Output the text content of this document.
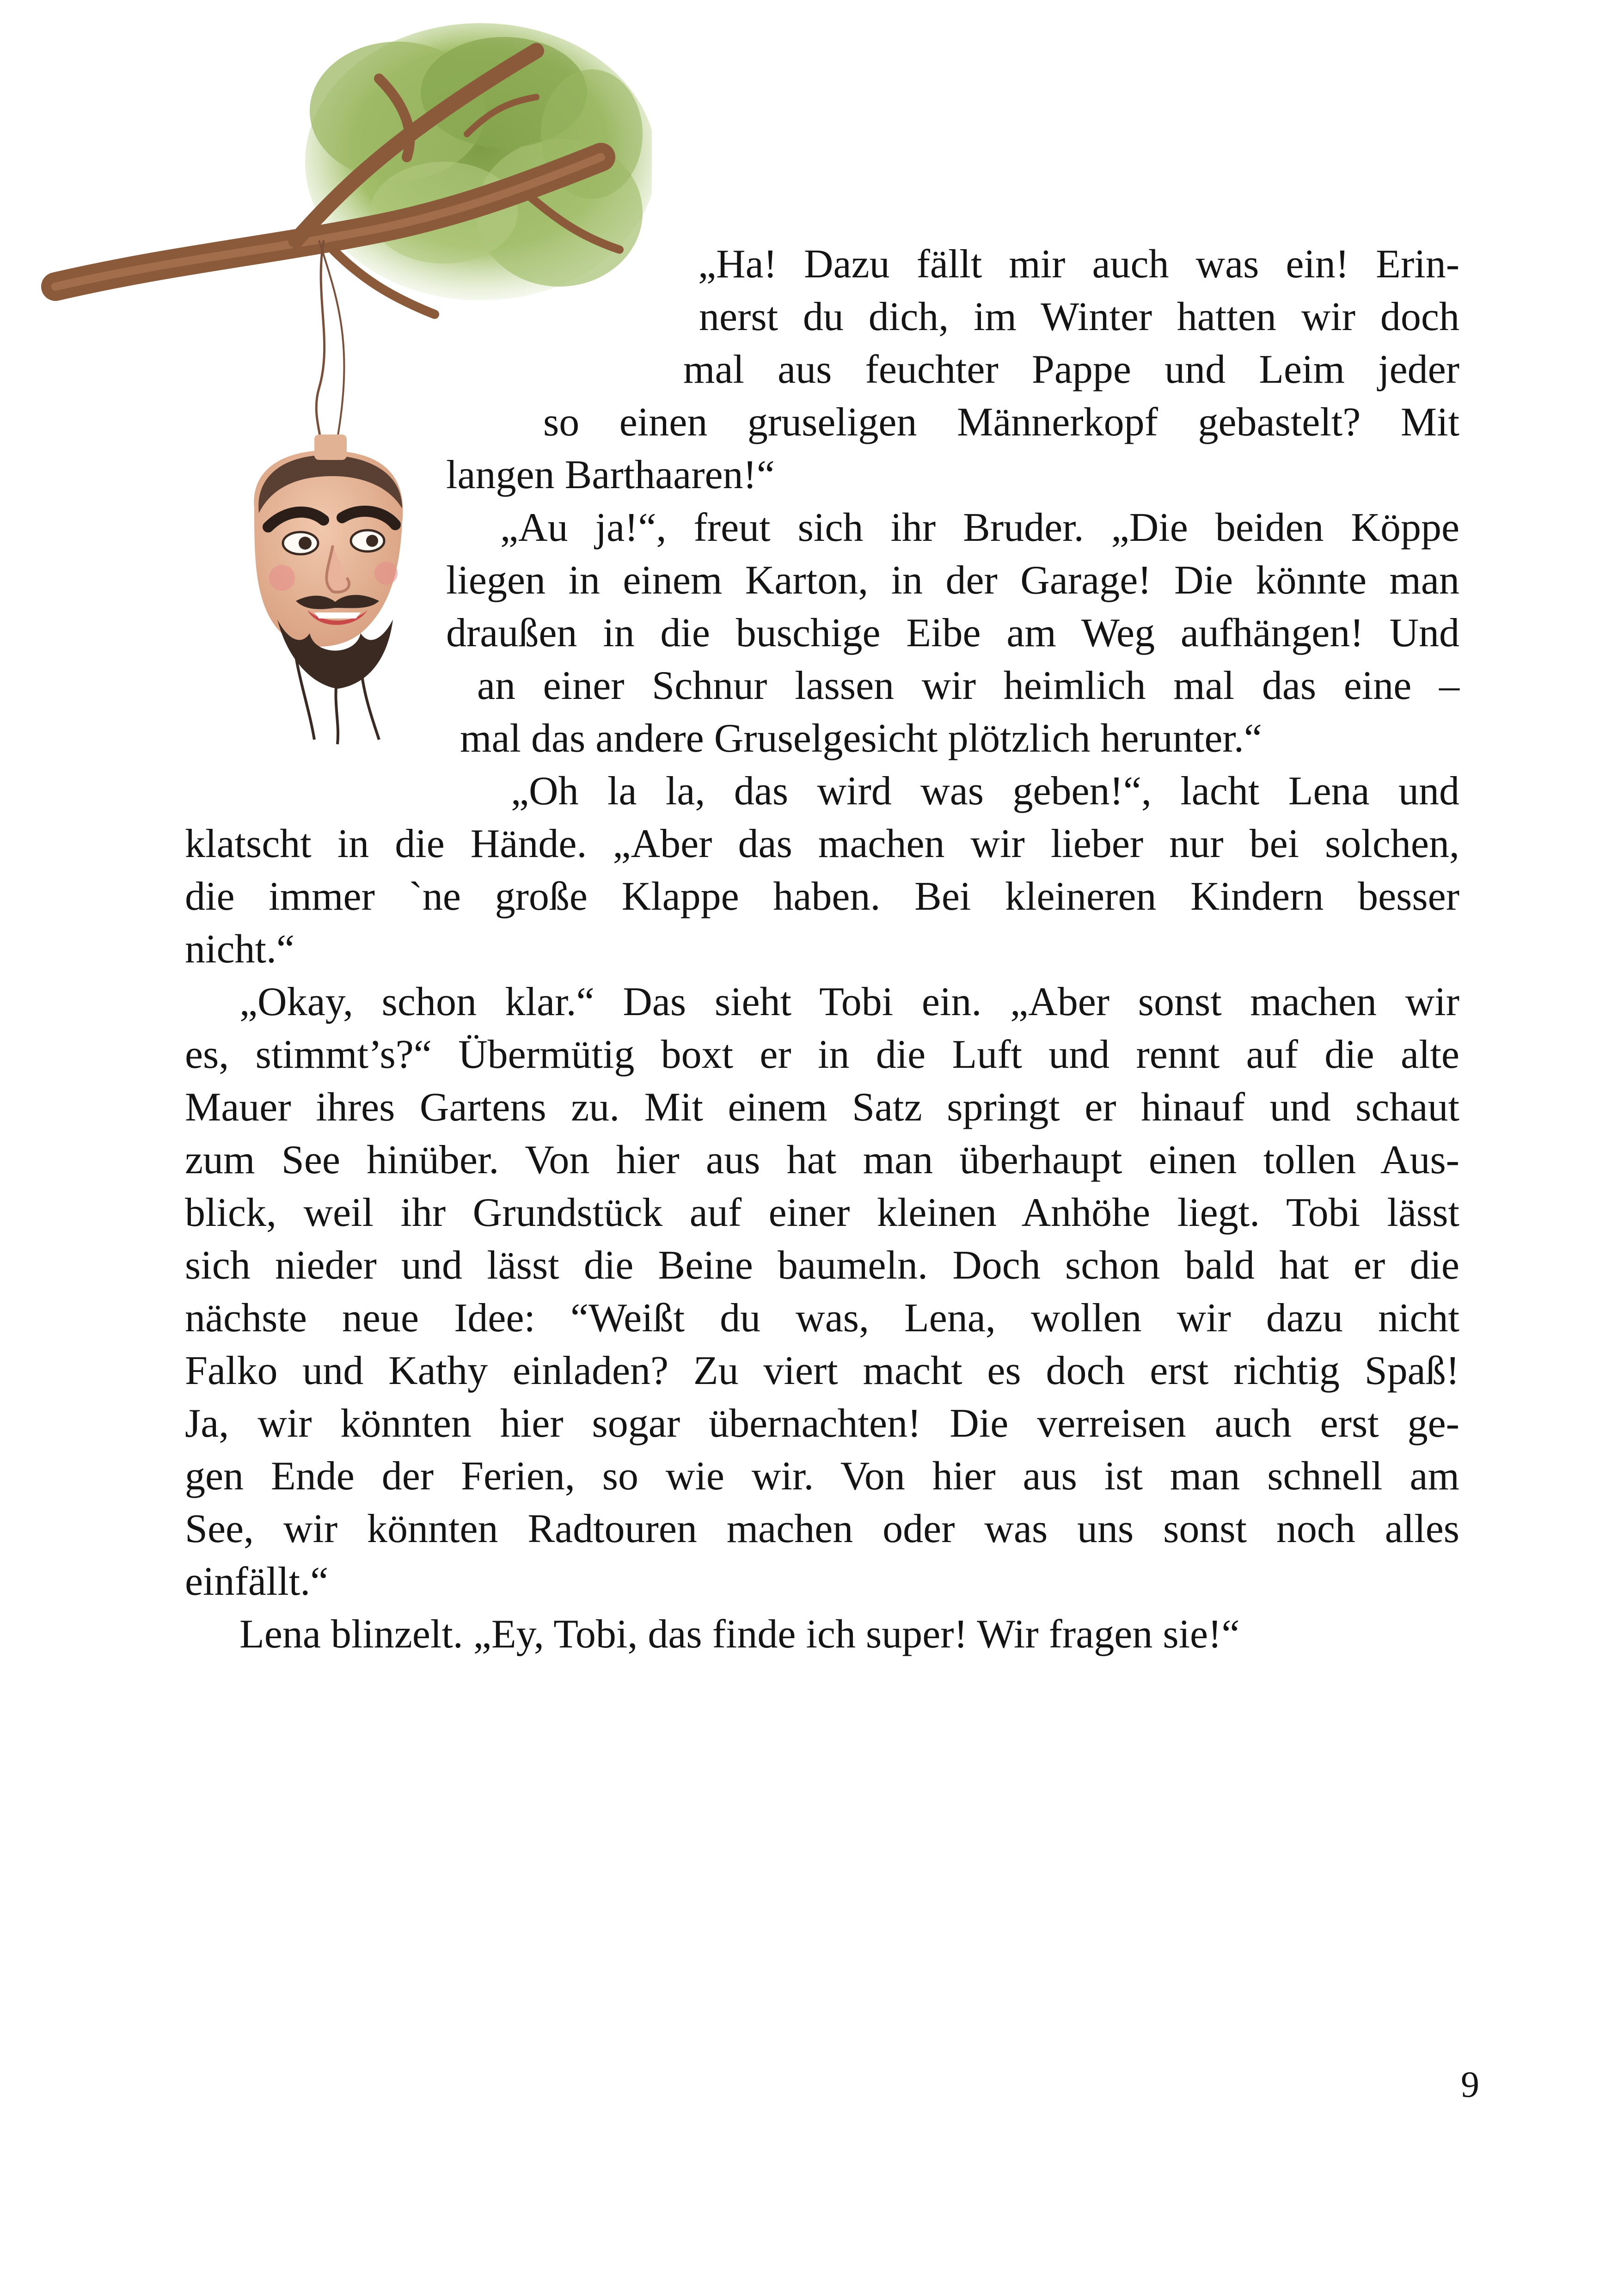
„Ha! Dazu fällt mir auch was ein! Erin-

nerst du dich, im Winter hatten wir doch

mal aus feuchter Pappe und Leim jeder

so einen gruseligen Männerkopf gebastelt? Mit

langen Barthaaren!“

„Au ja!“, freut sich ihr Bruder. „Die beiden Köppe

liegen in einem Karton, in der Garage! Die könnte man

draußen in die buschige Eibe am Weg aufhängen! Und

an einer Schnur lassen wir heimlich mal das eine –

mal das andere Gruselgesicht plötzlich herunter.“

„Oh la la, das wird was geben!“, lacht Lena und

klatscht in die Hände. „Aber das machen wir lieber nur bei solchen,

die immer `ne große Klappe haben. Bei kleineren Kindern besser

nicht.“

„Okay, schon klar.“ Das sieht Tobi ein. „Aber sonst machen wir

es, stimmt’s?“ Übermütig boxt er in die Luft und rennt auf die alte

Mauer ihres Gartens zu. Mit einem Satz springt er hinauf und schaut

zum See hinüber. Von hier aus hat man überhaupt einen tollen Aus-

blick, weil ihr Grundstück auf einer kleinen Anhöhe liegt. Tobi lässt

sich nieder und lässt die Beine baumeln. Doch schon bald hat er die

nächste neue Idee: “Weißt du was, Lena, wollen wir dazu nicht

Falko und Kathy einladen? Zu viert macht es doch erst richtig Spaß!

Ja, wir könnten hier sogar übernachten! Die verreisen auch erst ge-

gen Ende der Ferien, so wie wir. Von hier aus ist man schnell am

See, wir könnten Radtouren machen oder was uns sonst noch alles

einfällt.“

Lena blinzelt. „Ey, Tobi, das finde ich super! Wir fragen sie!“

9
